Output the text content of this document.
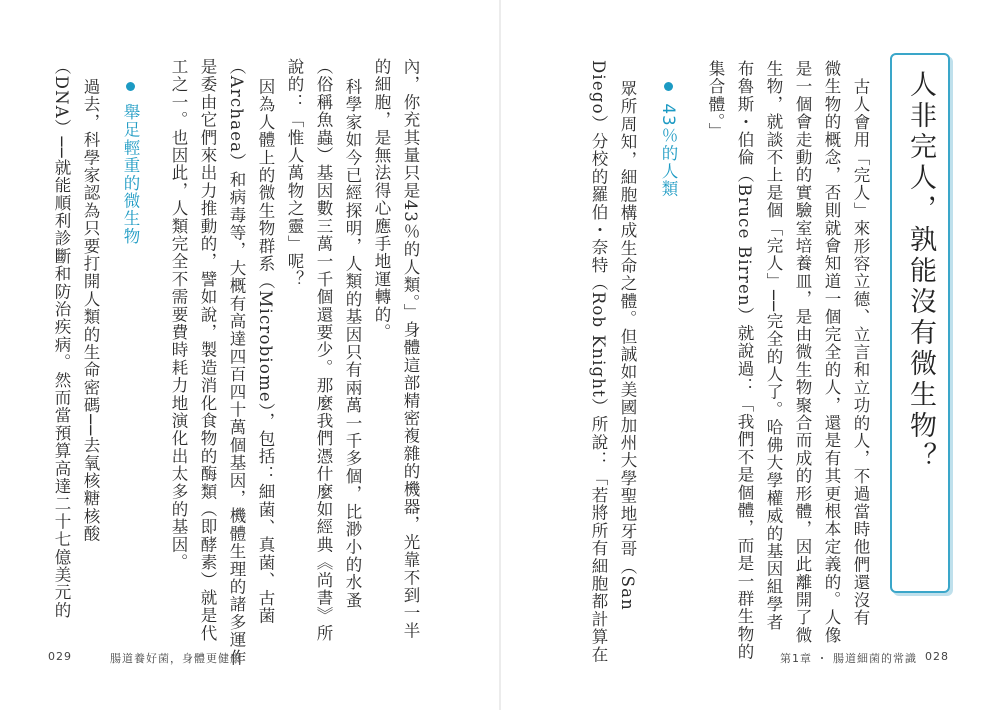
人非完人，孰能沒有微生物？
古人會用「完人」來形容立德、立言和立功的人，不過當時他們還沒有
微生物的概念，否則就會知道一個完全的人，還是有其更根本定義的。人像
是一個會走動的實驗室培養皿，是由微生物聚合而成的形體，因此離開了微
生物，就談不上是個「完人」──完全的人了。哈佛大學權威的基因組學者
布魯斯・伯倫（Bruce Birren）就說過：「我們不是個體，而是一群生物的
集合體。」
43％的人類
眾所周知，細胞構成生命之體。但誠如美國加州大學聖地牙哥（San
Diego）分校的羅伯・奈特（Rob Knight）所說：「若將所有細胞都計算在	第1章 ・ 腸道細菌的常識 028
內，你充其量只是43％的人類。」身體這部精密複雜的機器，光靠不到一半
的細胞，是無法得心應手地運轉的。
科學家如今已經探明，人類的基因只有兩萬一千多個，比渺小的水蚤
（俗稱魚蟲）基因數三萬一千個還要少。那麼我們憑什麼如經典《尚書》所
說的：「惟人萬物之靈」呢？
因為人體上的微生物群系（Microbiome），包括：細菌、真菌、古菌
（Archaea）和病毒等，大概有高達四百四十萬個基因，機體生理的諸多運作
是委由它們來出力推動的，譬如說，製造消化食物的酶類（即酵素）就是代
工之一。也因此，人類完全不需要費時耗力地演化出太多的基因。
舉足輕重的微生物
過去，科學家認為只要打開人類的生命密碼──去氧核糖核酸
（DNA）──就能順利診斷和防治疾病。然而當預算高達二十七億美元的
029	腸道養好菌，身體更健康
